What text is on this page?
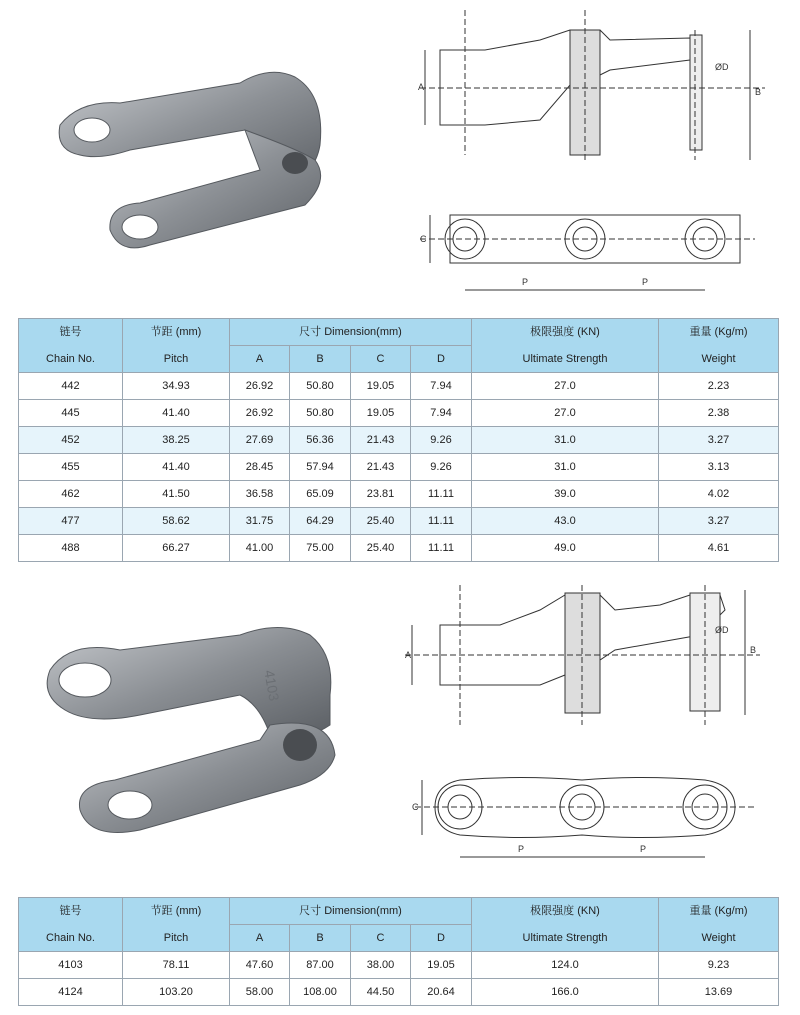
A	B
ØD
C
P	P
链号	节距 (mm)	尺寸 Dimension(mm)				极限强度 (KN)	重量 (Kg/m)
Chain No.	Pitch	A	B	C	D	Ultimate Strength	Weight
442	34.93	26.92	50.80	19.05	7.94	27.0	2.23
445	41.40	26.92	50.80	19.05	7.94	27.0	2.38
452	38.25	27.69	56.36	21.43	9.26	31.0	3.27
455	41.40	28.45	57.94	21.43	9.26	31.0	3.13
462	41.50	36.58	65.09	23.81	11.11	39.0	4.02
477	58.62	31.75	64.29	25.40	11.11	43.0	3.27
488	66.27	41.00	75.00	25.40	11.11	49.0	4.61
4103
A	B
ØD
C
P	P
链号	节距 (mm)	尺寸 Dimension(mm)				极限强度 (KN)	重量 (Kg/m)
Chain No.	Pitch	A	B	C	D	Ultimate Strength	Weight
4103	78.11	47.60	87.00	38.00	19.05	124.0	9.23
4124	103.20	58.00	108.00	44.50	20.64	166.0	13.69
